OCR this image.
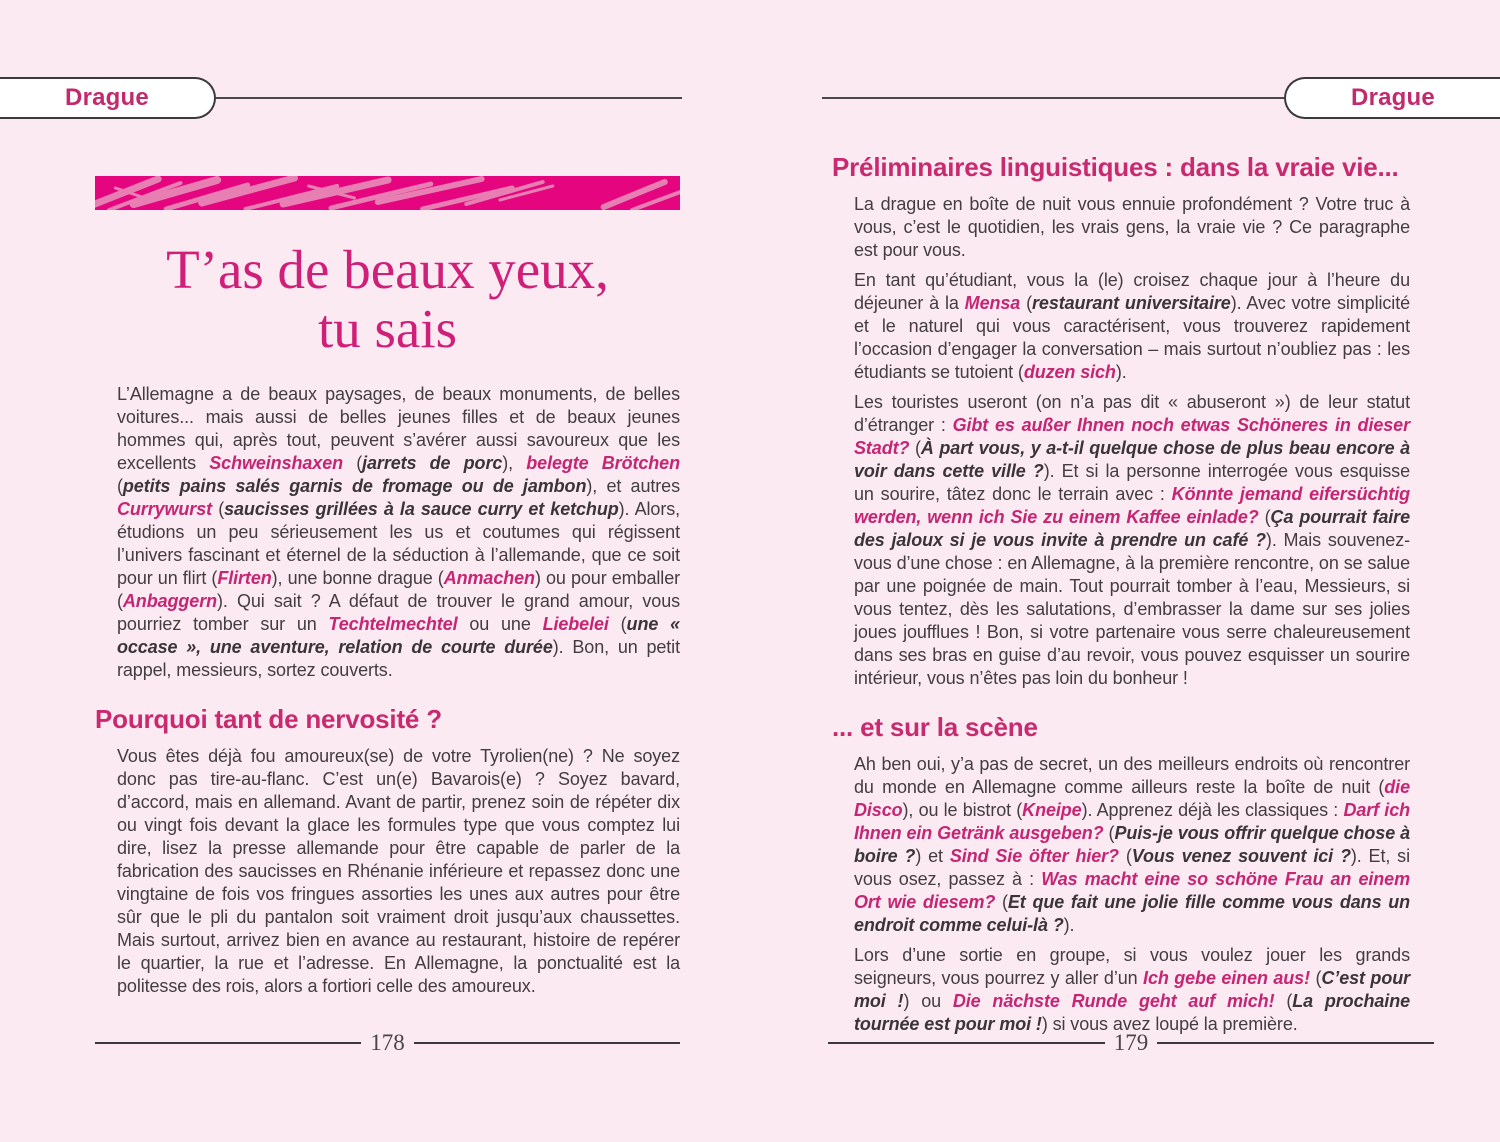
Drague
T’as de beaux yeux,
tu sais
L’Allemagne a de beaux paysages, de beaux monuments, de belles voitures... mais aussi de belles jeunes filles et de beaux jeunes hommes qui, après tout, peuvent s’avérer aussi savoureux que les excellents Schweinshaxen (jarrets de porc), belegte Brötchen (petits pains salés garnis de fromage ou de jambon), et autres Currywurst (saucisses grillées à la sauce curry et ketchup). Alors, étudions un peu sérieusement les us et coutumes qui régissent l’univers fascinant et éternel de la séduction à l’allemande, que ce soit pour un flirt (Flirten), une bonne drague (Anmachen) ou pour emballer (Anbaggern). Qui sait ? A défaut de trouver le grand amour, vous pourriez tomber sur un Techtelmechtel ou une Liebelei (une « occase », une aventure, relation de courte durée). Bon, un petit rappel, messieurs, sortez couverts.
Pourquoi tant de nervosité ?

Vous êtes déjà fou amoureux(se) de votre Tyrolien(ne) ? Ne soyez donc pas tire-au-flanc. C’est un(e) Bavarois(e) ? Soyez bavard, d’accord, mais en allemand. Avant de partir, prenez soin de répéter dix ou vingt fois devant la glace les formules type que vous comptez lui dire, lisez la presse allemande pour être capable de parler de la fabrication des saucisses en Rhénanie inférieure et repassez donc une vingtaine de fois vos fringues assorties les unes aux autres pour être sûr que le pli du pantalon soit vraiment droit jusqu’aux chaussettes. Mais surtout, arrivez bien en avance au restaurant, histoire de repérer le quartier, la rue et l’adresse. En Allemagne, la ponctualité est la politesse des rois, alors a fortiori celle des amoureux.

178
Drague
Préliminaires linguistiques : dans la vraie vie...

La drague en boîte de nuit vous ennuie profondément ? Votre truc à vous, c’est le quotidien, les vrais gens, la vraie vie ? Ce paragraphe est pour vous.

En tant qu’étudiant, vous la (le) croisez chaque jour à l’heure du déjeuner à la Mensa (restaurant universitaire). Avec votre simplicité et le naturel qui vous caractérisent, vous trouverez rapidement l’occasion d’engager la conversation – mais surtout n’oubliez pas : les étudiants se tutoient (duzen sich).

Les touristes useront (on n’a pas dit « abuseront ») de leur statut d’étranger : Gibt es außer Ihnen noch etwas Schöneres in dieser Stadt? (À part vous, y a-t-il quelque chose de plus beau encore à voir dans cette ville ?). Et si la personne interrogée vous esquisse un sourire, tâtez donc le terrain avec : Könnte jemand eifersüchtig werden, wenn ich Sie zu einem Kaffee einlade? (Ça pourrait faire des jaloux si je vous invite à prendre un café ?). Mais souvenez-vous d’une chose : en Allemagne, à la première rencontre, on se salue par une poignée de main. Tout pourrait tomber à l’eau, Messieurs, si vous tentez, dès les salutations, d’embrasser la dame sur ses jolies joues joufflues ! Bon, si votre partenaire vous serre chaleureusement dans ses bras en guise d’au revoir, vous pouvez esquisser un sourire intérieur, vous n’êtes pas loin du bonheur !

... et sur la scène

Ah ben oui, y’a pas de secret, un des meilleurs endroits où rencontrer du monde en Allemagne comme ailleurs reste la boîte de nuit (die Disco), ou le bistrot (Kneipe). Apprenez déjà les classiques : Darf ich Ihnen ein Getränk ausgeben? (Puis-je vous offrir quelque chose à boire ?) et Sind Sie öfter hier? (Vous venez souvent ici ?). Et, si vous osez, passez à : Was macht eine so schöne Frau an einem Ort wie diesem? (Et que fait une jolie fille comme vous dans un endroit comme celui-là ?).

Lors d’une sortie en groupe, si vous voulez jouer les grands seigneurs, vous pourrez y aller d’un Ich gebe einen aus! (C’est pour moi !) ou Die nächste Runde geht auf mich! (La prochaine tournée est pour moi !) si vous avez loupé la première.

179
